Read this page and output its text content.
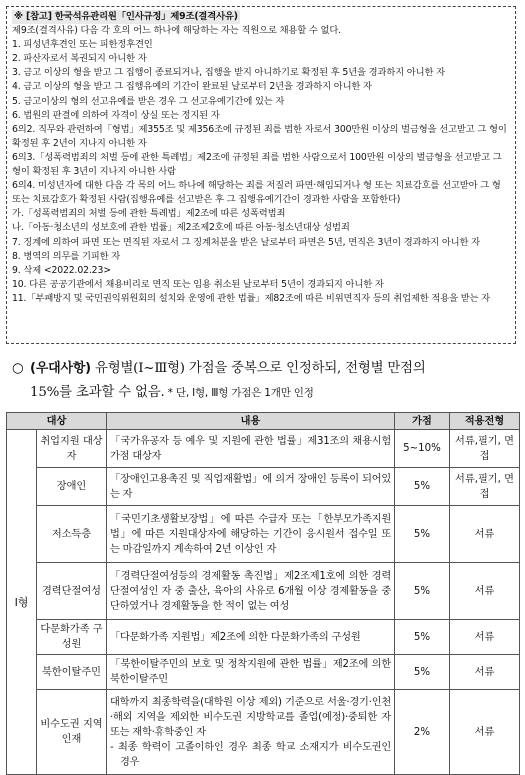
※ [참고] 한국석유관리원「인사규정」제9조(결격사유)
제9조(결격사유) 다음 각 호의 어느 하나에 해당하는 자는 직원으로 채용할 수 없다.
1. 피성년후견인 또는 피한정후견인
2. 파산자로서 복권되지 아니한 자
3. 금고 이상의 형을 받고 그 집행이 종료되거나, 집행을 받지 아니하기로 확정된 후 5년을 경과하지 아니한 자
4. 금고 이상의 형을 받고 그 집행유예의 기간이 완료된 날로부터 2년을 경과하지 아니한 자
5. 금고이상의 형의 선고유예를 받은 경우 그 선고유예기간에 있는 자
6. 법원의 판결에 의하여 자격이 상실 또는 정지된 자
6의2. 직무와 관련하여「형법」제355조 및 제356조에 규정된 죄를 범한 자로서 300만원 이상의 벌금형을 선고받고 그 형이 확정된 후 2년이 지나지 아니한 자
6의3.「성폭력범죄의 처벌 등에 관한 특례법」제2조에 규정된 죄를 범한 사람으로서 100만원 이상의 벌금형을 선고받고 그 형이 확정된 후 3년이 지나지 아니한 사람
6의4. 미성년자에 대한 다음 각 목의 어느 하나에 해당하는 죄를 저질러 파면·해임되거나 형 또는 치료감호를 선고받아 그 형 또는 치료감호가 확정된 사람(집행유예를 선고받은 후 그 집행유예기간이 경과한 사람을 포함한다)
가.「성폭력범죄의 처벌 등에 관한 특례법」제2조에 따른 성폭력범죄
나.「아동·청소년의 성보호에 관한 법률」제2조제2호에 따른 아동·청소년대상 성범죄
7. 징계에 의하여 파면 또는 면직된 자로서 그 징계처분을 받은 날로부터 파면은 5년, 면직은 3년이 경과하지 아니한 자
8. 병역의 의무를 기피한 자
9. 삭제 <2022.02.23>
10. 다른 공공기관에서 채용비리로 면직 또는 임용 취소된 날로부터 5년이 경과되지 아니한 자
11.「부패방지 및 국민권익위원회의 설치와 운영에 관한 법률」제82조에 따른 비위면직자 등의 취업제한 적용을 받는 자
○ (우대사항) 유형별(Ⅰ~Ⅲ형) 가점을 중복으로 인정하되, 전형별 만점의
15%를 초과할 수 없음. * 단, Ⅰ형, Ⅲ형 가점은 1개만 인정
대상		내용	가점	적용전형
Ⅰ형	취업지원 대상자	「국가유공자 등 예우 및 지원에 관한 법률」제31조의 채용시험 가점 대상자	5~10%	서류,필기, 면접
	장애인	「장애인고용촉진 및 직업재활법」에 의거 장애인 등록이 되어있는 자	5%	서류,필기, 면접
	저소득층	「국민기초생활보장법」에 따른 수급자 또는「한부모가족지원법」에 따른 지원대상자에 해당하는 기간이 응시원서 접수일 또는 마감일까지 계속하여 2년 이상인 자	5%	서류
	경력단절여성	「경력단절여성등의 경제활동 촉진법」제2조제1호에 의한 경력단절여성인 자 중 출산, 육아의 사유로 6개월 이상 경제활동을 중단하였거나 경제활동을 한 적이 없는 여성	5%	서류
	다문화가족 구성원	「다문화가족 지원법」제2조에 의한 다문화가족의 구성원	5%	서류
	북한이탈주민	「북한이탈주민의 보호 및 정착지원에 관한 법률」제2조에 의한 북한이탈주민	5%	서류
	비수도권 지역인재	대학까지 최종학력을(대학원 이상 제외) 기준으로 서울·경기·인천·해외 지역을 제외한 비수도권 지방학교를 졸업(예정)·중퇴한 자 또는 재학·휴학중인 자
- 최종 학력이 고졸이하인 경우 최종 학교 소재지가 비수도권인 경우	2%	서류
